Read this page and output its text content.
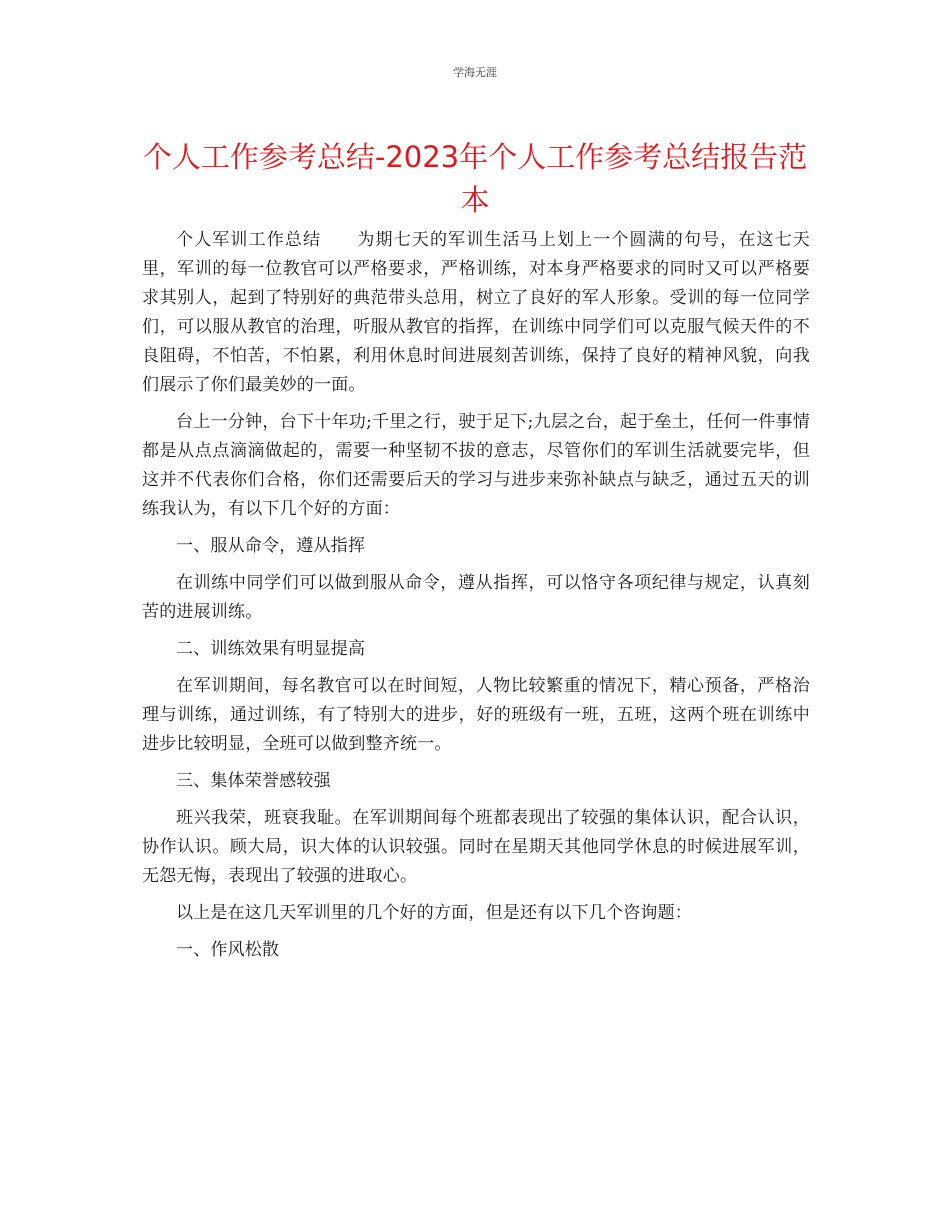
学海无涯
个人工作参考总结-2023年个人工作参考总结报告范本

个人军训工作总结　　为期七天的军训生活马上划上一个圆满的句号，在这七天里，军训的每一位教官可以严格要求，严格训练，对本身严格要求的同时又可以严格要求其别人，起到了特别好的典范带头总用，树立了良好的军人形象。受训的每一位同学们，可以服从教官的治理，听服从教官的指挥，在训练中同学们可以克服气候天件的不良阻碍，不怕苦，不怕累，利用休息时间进展刻苦训练，保持了良好的精神风貌，向我们展示了你们最美妙的一面。

台上一分钟，台下十年功;千里之行，驶于足下;九层之台，起于垒土，任何一件事情都是从点点滴滴做起的，需要一种坚韧不拔的意志，尽管你们的军训生活就要完毕，但这并不代表你们合格，你们还需要后天的学习与进步来弥补缺点与缺乏，通过五天的训练我认为，有以下几个好的方面：

一、服从命令，遵从指挥

在训练中同学们可以做到服从命令，遵从指挥，可以恪守各项纪律与规定，认真刻苦的进展训练。

二、训练效果有明显提高

在军训期间，每名教官可以在时间短，人物比较繁重的情况下，精心预备，严格治理与训练，通过训练，有了特别大的进步，好的班级有一班，五班，这两个班在训练中进步比较明显，全班可以做到整齐统一。

三、集体荣誉感较强

班兴我荣，班衰我耻。在军训期间每个班都表现出了较强的集体认识，配合认识，协作认识。顾大局，识大体的认识较强。同时在星期天其他同学休息的时候进展军训，无怨无悔，表现出了较强的进取心。

以上是在这几天军训里的几个好的方面，但是还有以下几个咨询题：

一、作风松散
